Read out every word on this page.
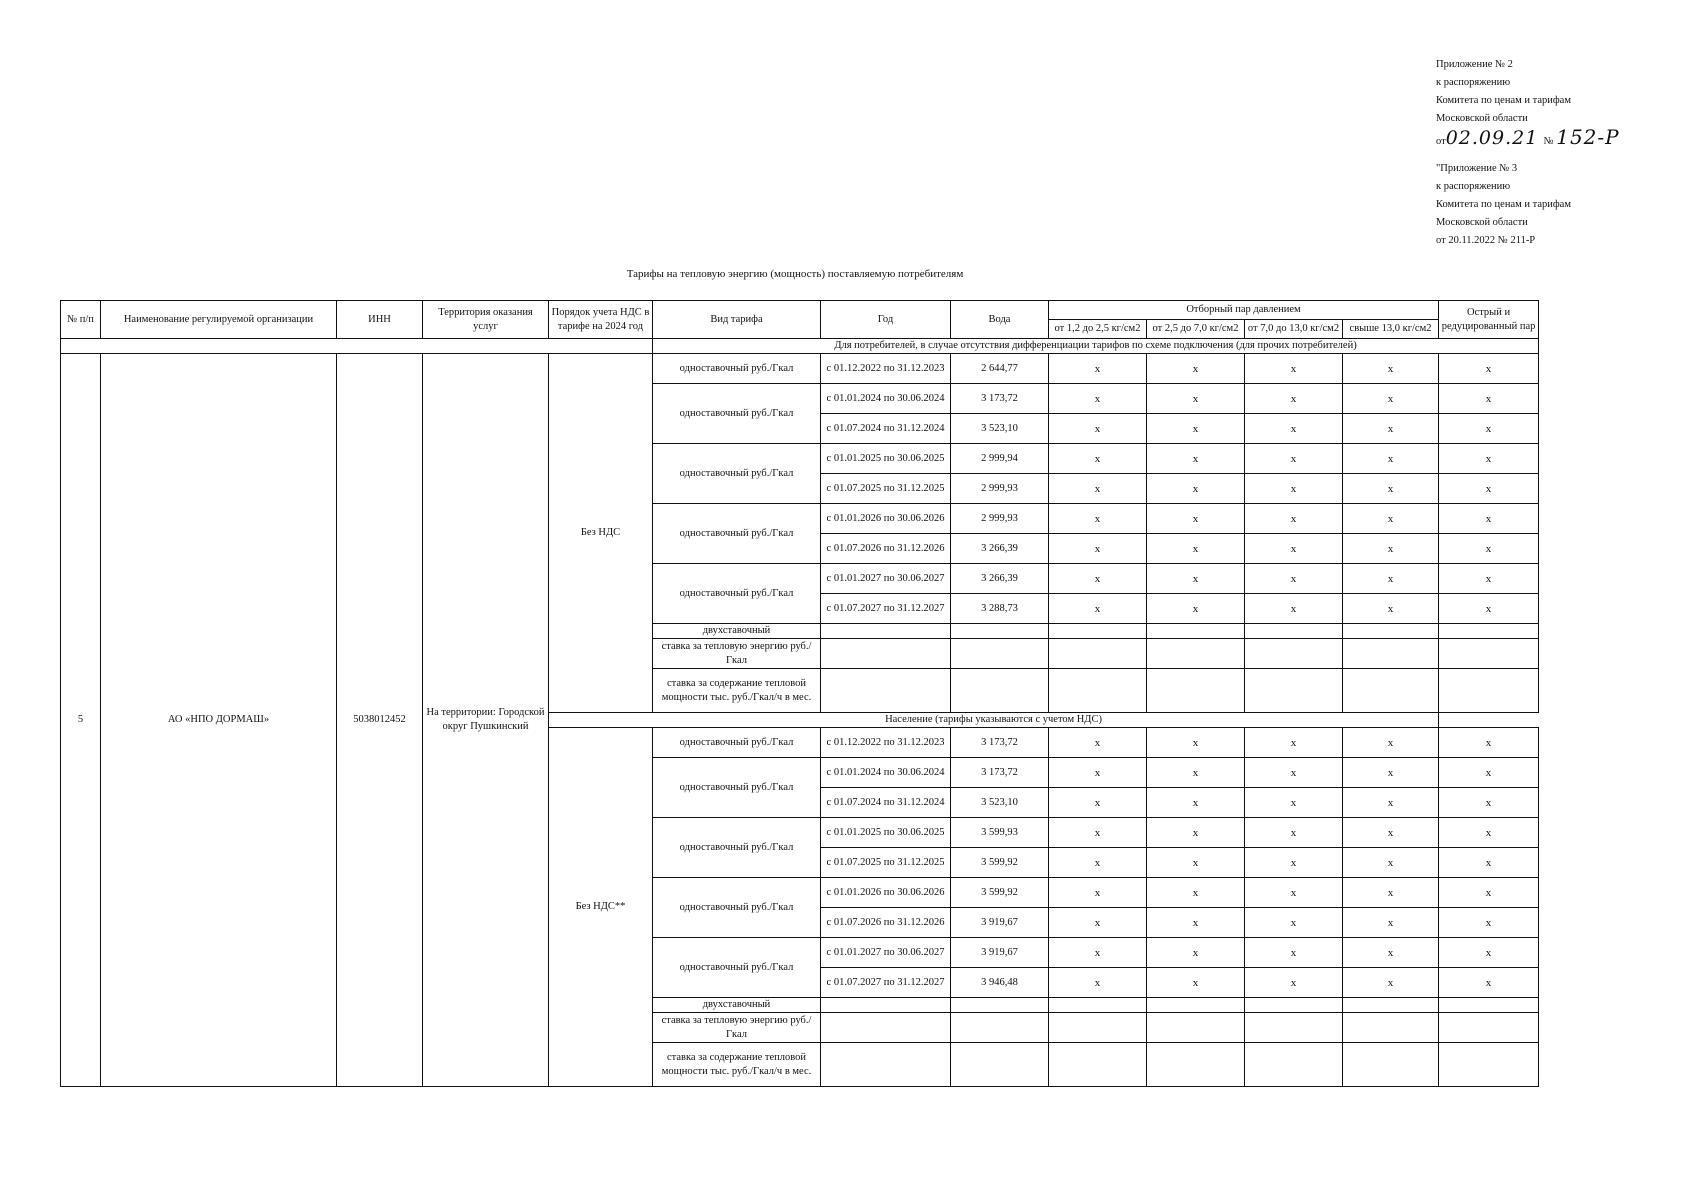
Приложение № 2
к распоряжению
Комитета по ценам и тарифам
Московской области
от02.09.21 № 152-Р
"Приложение № 3
к распоряжению
Комитета по ценам и тарифам
Московской области
от 20.11.2022 № 211-Р
Тарифы на тепловую энергию (мощность) поставляемую потребителям
№ п/п	Наименование регулируемой организации	ИНН	Территория оказания услуг	Порядок учета НДС в тарифе на 2024 год	Вид тарифа	Год	Вода	Отборный пар давлением				Острый и редуцированный пар
								от 1,2 до 2,5 кг/см2	от 2,5 до 7,0 кг/см2	от 7,0 до 13,0 кг/см2	свыше 13,0 кг/см2	
					Для потребителей, в случае отсутствия дифференциации тарифов по схеме подключения (для прочих потребителей)							
5	АО «НПО ДОРМАШ»	5038012452	На территории: Городской округ Пушкинский	Без НДС	одноставочный руб./Гкал	с 01.12.2022 по 31.12.2023	2 644,77	х	х	х	х	х
					одноставочный руб./Гкал	с 01.01.2024 по 30.06.2024	3 173,72	х	х	х	х	х
						с 01.07.2024 по 31.12.2024	3 523,10	х	х	х	х	х
					одноставочный руб./Гкал	с 01.01.2025 по 30.06.2025	2 999,94	х	х	х	х	х
						с 01.07.2025 по 31.12.2025	2 999,93	х	х	х	х	х
					одноставочный руб./Гкал	с 01.01.2026 по 30.06.2026	2 999,93	х	х	х	х	х
						с 01.07.2026 по 31.12.2026	3 266,39	х	х	х	х	х
					одноставочный руб./Гкал	с 01.01.2027 по 30.06.2027	3 266,39	х	х	х	х	х
						с 01.07.2027 по 31.12.2027	3 288,73	х	х	х	х	х
					двухставочный							
					ставка за тепловую энергию руб./Гкал							
					ставка за содержание тепловой мощности тыс. руб./Гкал/ч в мес.							
				Население (тарифы указываются с учетом НДС)								
				Без НДС**	одноставочный руб./Гкал	с 01.12.2022 по 31.12.2023	3 173,72	х	х	х	х	х
					одноставочный руб./Гкал	с 01.01.2024 по 30.06.2024	3 173,72	х	х	х	х	х
						с 01.07.2024 по 31.12.2024	3 523,10	х	х	х	х	х
					одноставочный руб./Гкал	с 01.01.2025 по 30.06.2025	3 599,93	х	х	х	х	х
						с 01.07.2025 по 31.12.2025	3 599,92	х	х	х	х	х
					одноставочный руб./Гкал	с 01.01.2026 по 30.06.2026	3 599,92	х	х	х	х	х
						с 01.07.2026 по 31.12.2026	3 919,67	х	х	х	х	х
					одноставочный руб./Гкал	с 01.01.2027 по 30.06.2027	3 919,67	х	х	х	х	х
						с 01.07.2027 по 31.12.2027	3 946,48	х	х	х	х	х
					двухставочный							
					ставка за тепловую энергию руб./Гкал							
					ставка за содержание тепловой мощности тыс. руб./Гкал/ч в мес.							
